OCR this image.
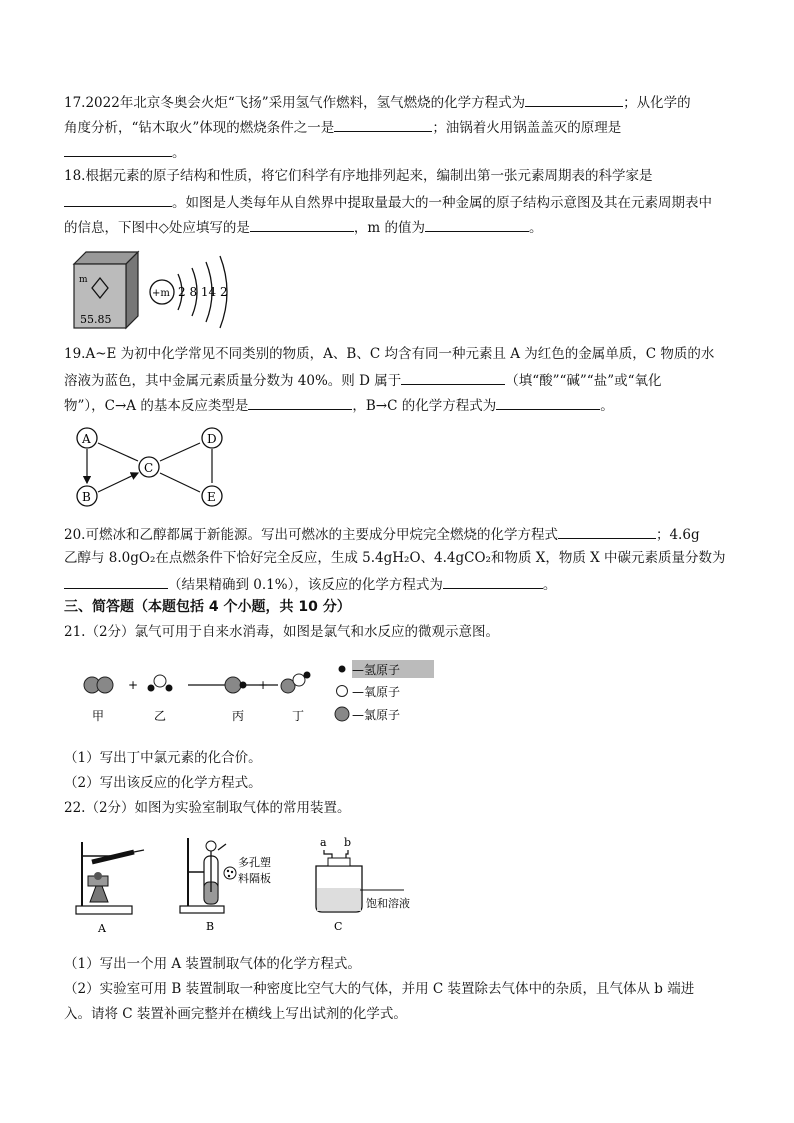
17.2022年北京冬奥会火炬“飞扬”采用氢气作燃料，氢气燃烧的化学方程式为	；从化学的
角度分析，“钻木取火”体现的燃烧条件之一是	；油锅着火用锅盖盖灭的原理是
。
18.根据元素的原子结构和性质，将它们科学有序地排列起来，编制出第一张元素周期表的科学家是
。如图是人类每年从自然界中提取量最大的一种金属的原子结构示意图及其在元素周期表中
的信息，下图中◇处应填写的是	，m 的值为	。
m
55.85
+m 2 8 14 2
19.A~E 为初中化学常见不同类别的物质，A、B、C 均含有同一种元素且 A 为红色的金属单质，C 物质的水
溶液为蓝色，其中金属元素质量分数为 40%。则 D 属于	（填“酸”“碱”“盐”或“氧化
物”），C→A 的基本反应类型是	，B→C 的化学方程式为	。
A
B
C
D
E
20.可燃冰和乙醇都属于新能源。写出可燃冰的主要成分甲烷完全燃烧的化学方程式	；4.6g
乙醇与 8.0gO₂在点燃条件下恰好完全反应，生成 5.4gH₂O、4.4gCO₂和物质 X，物质 X 中碳元素质量分数为
（结果精确到 0.1%），该反应的化学方程式为	。
三、简答题（本题包括 4 个小题，共 10 分）
21.（2分）氯气可用于自来水消毒，如图是氯气和水反应的微观示意图。
+	+
甲	乙	丙	丁
—氢原子
—氧原子
—氯原子
（1）写出丁中氯元素的化合价。
（2）写出该反应的化学方程式。
22.（2分）如图为实验室制取气体的常用装置。
A
多孔塑
料隔板
B
a b
饱和溶液
C
（1）写出一个用 A 装置制取气体的化学方程式。
（2）实验室可用 B 装置制取一种密度比空气大的气体，并用 C 装置除去气体中的杂质，且气体从 b 端进
入。请将 C 装置补画完整并在横线上写出试剂的化学式。
